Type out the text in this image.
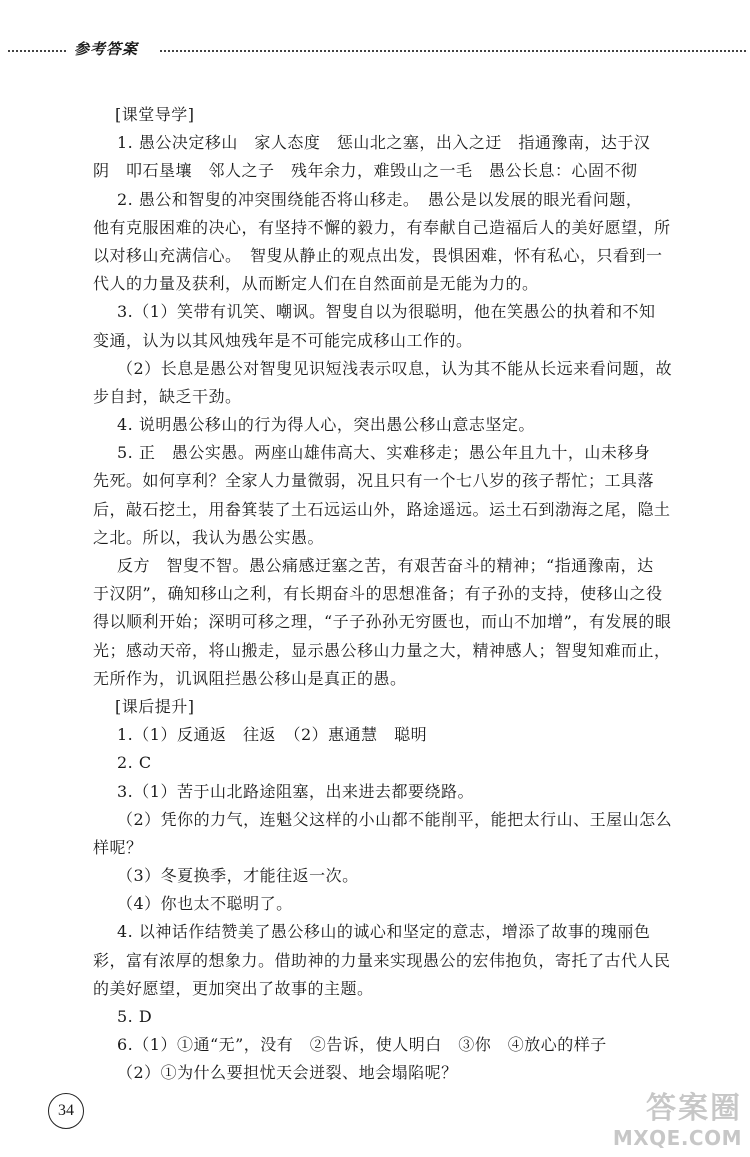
参考答案
[课堂导学]
1. 愚公决定移山　家人态度　惩山北之塞，出入之迂　指通豫南，达于汉
阴　叩石垦壤　邻人之子　残年余力，难毁山之一毛　愚公长息：心固不彻
2. 愚公和智叟的冲突围绕能否将山移走。　愚公是以发展的眼光看问题，
他有克服困难的决心，有坚持不懈的毅力，有奉献自己造福后人的美好愿望，所
以对移山充满信心。　智叟从静止的观点出发，畏惧困难，怀有私心，只看到一
代人的力量及获利，从而断定人们在自然面前是无能为力的。
3.（1）笑带有讥笑、嘲讽。智叟自以为很聪明，他在笑愚公的执着和不知
变通，认为以其风烛残年是不可能完成移山工作的。
（2）长息是愚公对智叟见识短浅表示叹息，认为其不能从长远来看问题，故
步自封，缺乏干劲。
4. 说明愚公移山的行为得人心，突出愚公移山意志坚定。
5. 正　愚公实愚。两座山雄伟高大、实难移走；愚公年且九十，山未移身
先死。如何享利？全家人力量微弱，况且只有一个七八岁的孩子帮忙；工具落
后，敲石挖土，用畚箕装了土石远运山外，路途遥远。运土石到渤海之尾，隐土
之北。所以，我认为愚公实愚。
反方　智叟不智。愚公痛感迂塞之苦，有艰苦奋斗的精神；“指通豫南，达
于汉阴”，确知移山之利，有长期奋斗的思想准备；有子孙的支持，使移山之役
得以顺利开始；深明可移之理，“子子孙孙无穷匮也，而山不加增”，有发展的眼
光；感动天帝，将山搬走，显示愚公移山力量之大，精神感人；智叟知难而止，
无所作为，讥讽阻拦愚公移山是真正的愚。
[课后提升]
1.（1）反通返　往返　（2）惠通慧　聪明
2. C
3.（1）苦于山北路途阻塞，出来进去都要绕路。
（2）凭你的力气，连魁父这样的小山都不能削平，能把太行山、王屋山怎么
样呢？
（3）冬夏换季，才能往返一次。
（4）你也太不聪明了。
4. 以神话作结赞美了愚公移山的诚心和坚定的意志，增添了故事的瑰丽色
彩，富有浓厚的想象力。借助神的力量来实现愚公的宏伟抱负，寄托了古代人民
的美好愿望，更加突出了故事的主题。
5. D
6.（1）①通“无”，没有　②告诉，使人明白　③你　④放心的样子
（2）①为什么要担忧天会迸裂、地会塌陷呢？
34	答案圈
MXQE.COM
